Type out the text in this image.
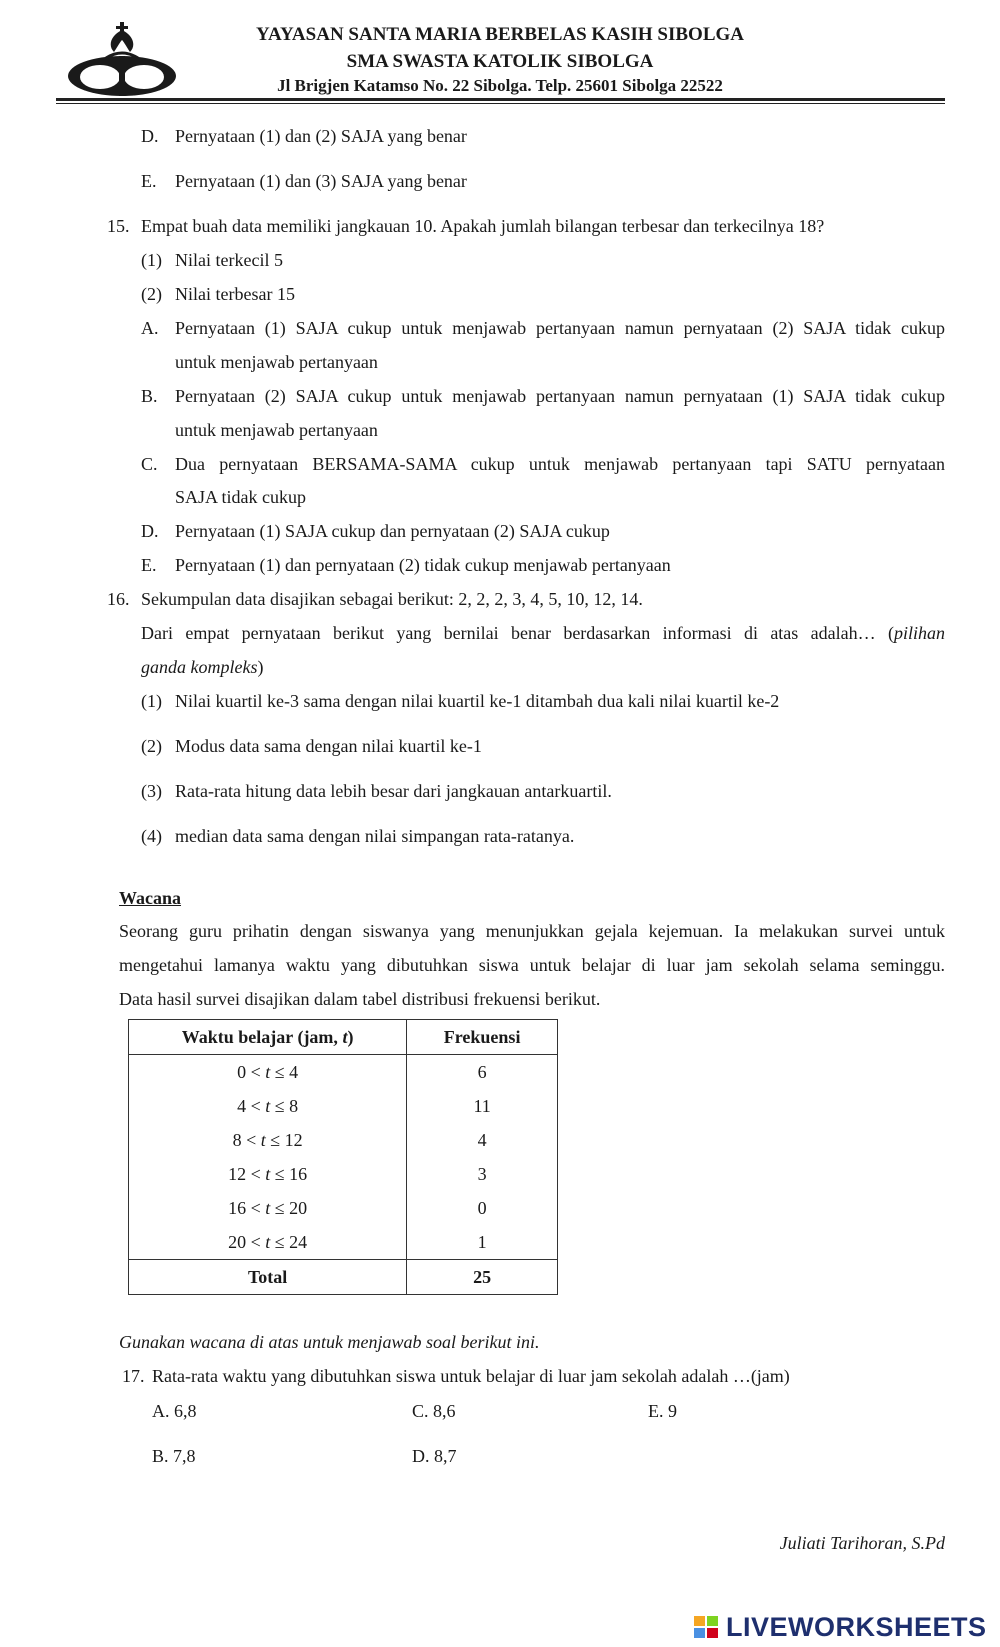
YAYASAN SANTA MARIA BERBELAS KASIH SIBOLGA
SMA SWASTA KATOLIK SIBOLGA
Jl Brigjen Katamso No. 22 Sibolga. Telp. 25601 Sibolga 22522
D. Pernyataan (1) dan (2) SAJA yang benar
E. Pernyataan (1) dan (3) SAJA yang benar
15. Empat buah data memiliki jangkauan 10. Apakah jumlah bilangan terbesar dan terkecilnya 18?
(1) Nilai terkecil 5
(2) Nilai terbesar 15
A. Pernyataan (1) SAJA cukup untuk menjawab pertanyaan namun pernyataan (2) SAJA tidak cukup
untuk menjawab pertanyaan
B. Pernyataan (2) SAJA cukup untuk menjawab pertanyaan namun pernyataan (1) SAJA tidak cukup
untuk menjawab pertanyaan
C. Dua pernyataan BERSAMA-SAMA cukup untuk menjawab pertanyaan tapi SATU pernyataan
SAJA tidak cukup
D. Pernyataan (1) SAJA cukup dan pernyataan (2) SAJA cukup
E. Pernyataan (1) dan pernyataan (2) tidak cukup menjawab pertanyaan
16. Sekumpulan data disajikan sebagai berikut: 2, 2, 2, 3, 4, 5, 10, 12, 14.
Dari empat pernyataan berikut yang bernilai benar berdasarkan informasi di atas adalah… (pilihan
ganda kompleks)
(1) Nilai kuartil ke-3 sama dengan nilai kuartil ke-1 ditambah dua kali nilai kuartil ke-2
(2) Modus data sama dengan nilai kuartil ke-1
(3) Rata-rata hitung data lebih besar dari jangkauan antarkuartil.
(4) median data sama dengan nilai simpangan rata-ratanya.
Wacana
Seorang guru prihatin dengan siswanya yang menunjukkan gejala kejemuan. Ia melakukan survei untuk
mengetahui lamanya waktu yang dibutuhkan siswa untuk belajar di luar jam sekolah selama seminggu.
Data hasil survei disajikan dalam tabel distribusi frekuensi berikut.
Waktu belajar (jam, t)	Frekuensi
0 < t ≤ 4	6
4 < t ≤ 8	11
8 < t ≤ 12	4
12 < t ≤ 16	3
16 < t ≤ 20	0
20 < t ≤ 24	1
Total	25
Gunakan wacana di atas untuk menjawab soal berikut ini.
17. Rata-rata waktu yang dibutuhkan siswa untuk belajar di luar jam sekolah adalah …(jam)
A. 6,8	C. 8,6	E. 9
B. 7,8	D. 8,7
Juliati Tarihoran, S.Pd
LIVEWORKSHEETS
